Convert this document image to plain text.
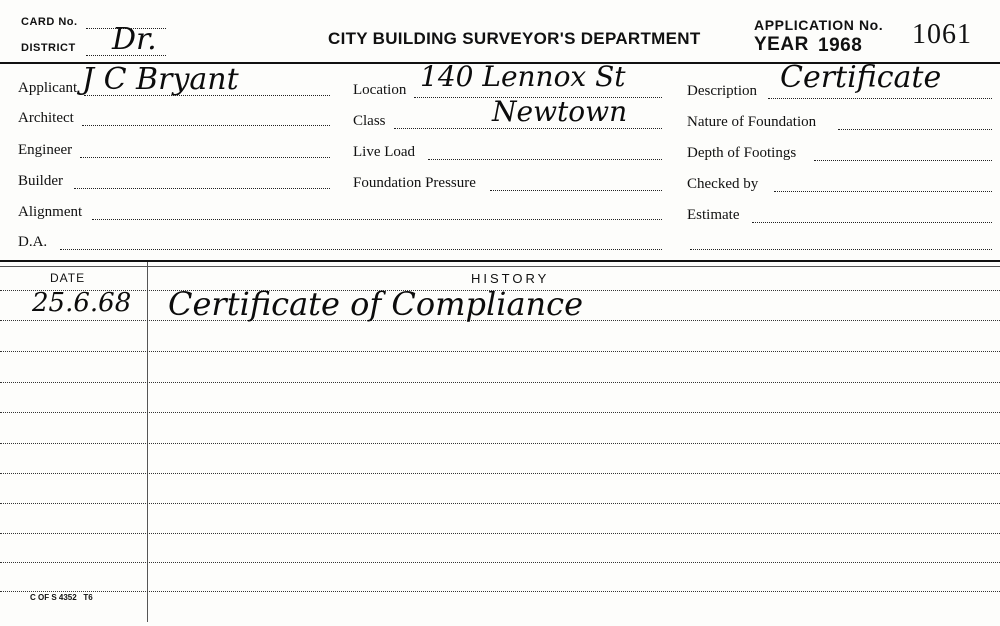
CARD No.
DISTRICT Dr.	CITY BUILDING SURVEYOR'S DEPARTMENT
APPLICATION No. 1061
YEAR 1968
Applicant J C Bryant
Architect
Engineer
Builder
Alignment
D.A.
Location 140 Lennox St
Class	Newtown
Live Load
Foundation Pressure
Description Certificate
Nature of Foundation
Depth of Footings
Checked by
Estimate
DATE	HISTORY
25.6.68 Certificate of Compliance
C OF S 4352   T6
